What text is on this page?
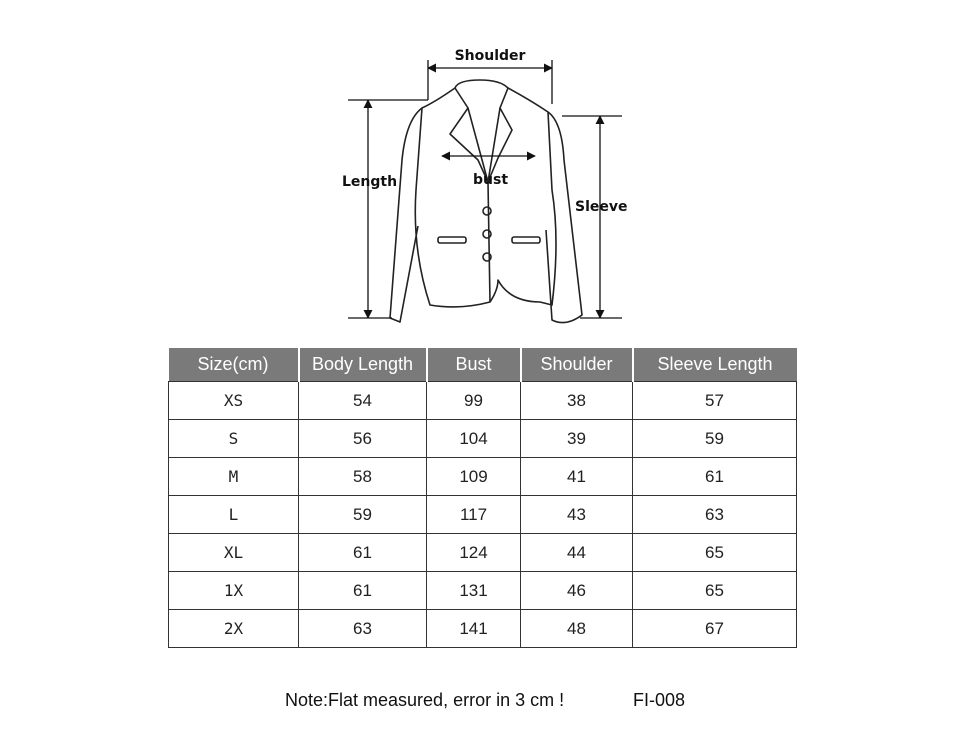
Shoulder
Length	bust
Sleeve
Size(cm)	Body Length	Bust	Shoulder	Sleeve Length
XS	54	99	38	57
S	56	104	39	59
M	58	109	41	61
L	59	117	43	63
XL	61	124	44	65
1X	61	131	46	65
2X	63	141	48	67
Note:Flat measured, error in 3 cm !	FI-008
